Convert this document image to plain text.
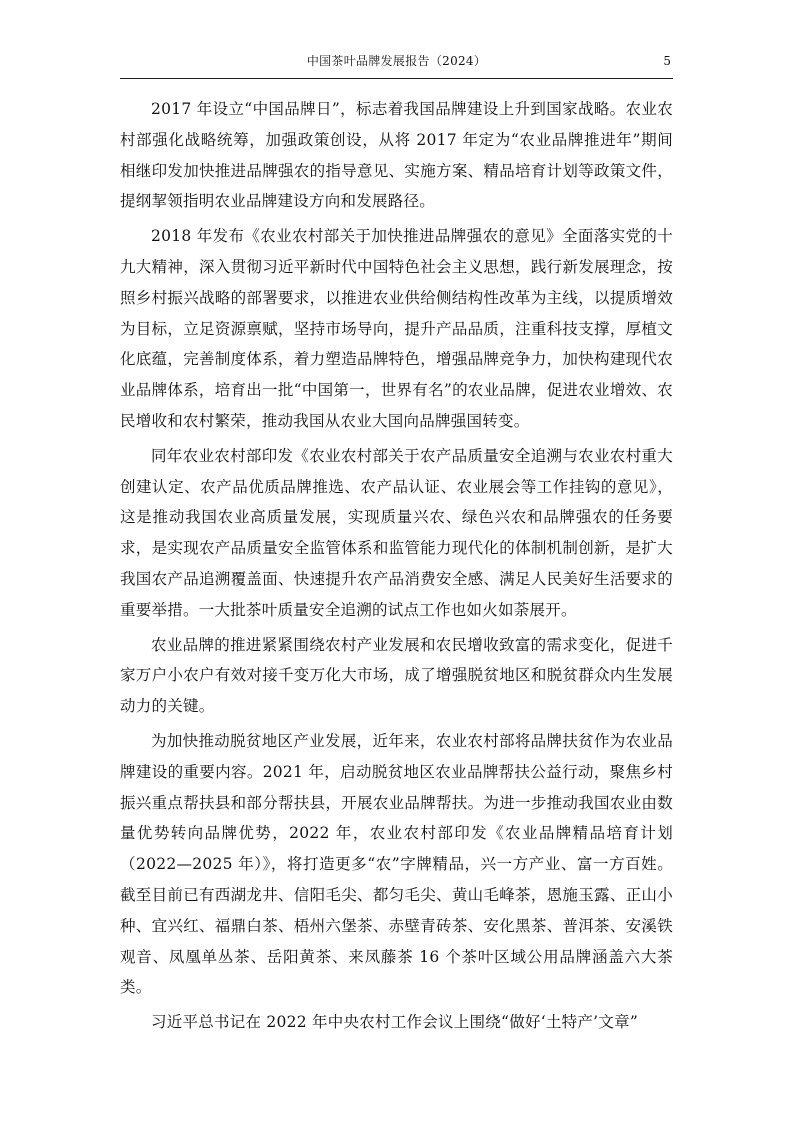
中国茶叶品牌发展报告（2024）	5

2017 年设立“中国品牌日”，标志着我国品牌建设上升到国家战略。农业农村部强化战略统筹，加强政策创设，从将 2017 年定为“农业品牌推进年”期间相继印发加快推进品牌强农的指导意见、实施方案、精品培育计划等政策文件，提纲挈领指明农业品牌建设方向和发展路径。

2018 年发布《农业农村部关于加快推进品牌强农的意见》全面落实党的十九大精神，深入贯彻习近平新时代中国特色社会主义思想，践行新发展理念，按照乡村振兴战略的部署要求，以推进农业供给侧结构性改革为主线，以提质增效为目标，立足资源禀赋，坚持市场导向，提升产品品质，注重科技支撑，厚植文化底蕴，完善制度体系，着力塑造品牌特色，增强品牌竞争力，加快构建现代农业品牌体系，培育出一批“中国第一，世界有名”的农业品牌，促进农业增效、农民增收和农村繁荣，推动我国从农业大国向品牌强国转变。

同年农业农村部印发《农业农村部关于农产品质量安全追溯与农业农村重大创建认定、农产品优质品牌推选、农产品认证、农业展会等工作挂钩的意见》，这是推动我国农业高质量发展，实现质量兴农、绿色兴农和品牌强农的任务要求，是实现农产品质量安全监管体系和监管能力现代化的体制机制创新，是扩大我国农产品追溯覆盖面、快速提升农产品消费安全感、满足人民美好生活要求的重要举措。一大批茶叶质量安全追溯的试点工作也如火如荼展开。

农业品牌的推进紧紧围绕农村产业发展和农民增收致富的需求变化，促进千家万户小农户有效对接千变万化大市场，成了增强脱贫地区和脱贫群众内生发展动力的关键。

为加快推动脱贫地区产业发展，近年来，农业农村部将品牌扶贫作为农业品牌建设的重要内容。2021 年，启动脱贫地区农业品牌帮扶公益行动，聚焦乡村振兴重点帮扶县和部分帮扶县，开展农业品牌帮扶。为进一步推动我国农业由数量优势转向品牌优势，2022 年，农业农村部印发《农业品牌精品培育计划（2022—2025 年）》，将打造更多“农”字牌精品，兴一方产业、富一方百姓。截至目前已有西湖龙井、信阳毛尖、都匀毛尖、黄山毛峰茶，恩施玉露、正山小种、宜兴红、福鼎白茶、梧州六堡茶、赤壁青砖茶、安化黑茶、普洱茶、安溪铁观音、凤凰单丛茶、岳阳黄茶、来凤藤茶 16 个茶叶区域公用品牌涵盖六大茶类。

习近平总书记在 2022 年中央农村工作会议上围绕“做好‘土特产’文章”
